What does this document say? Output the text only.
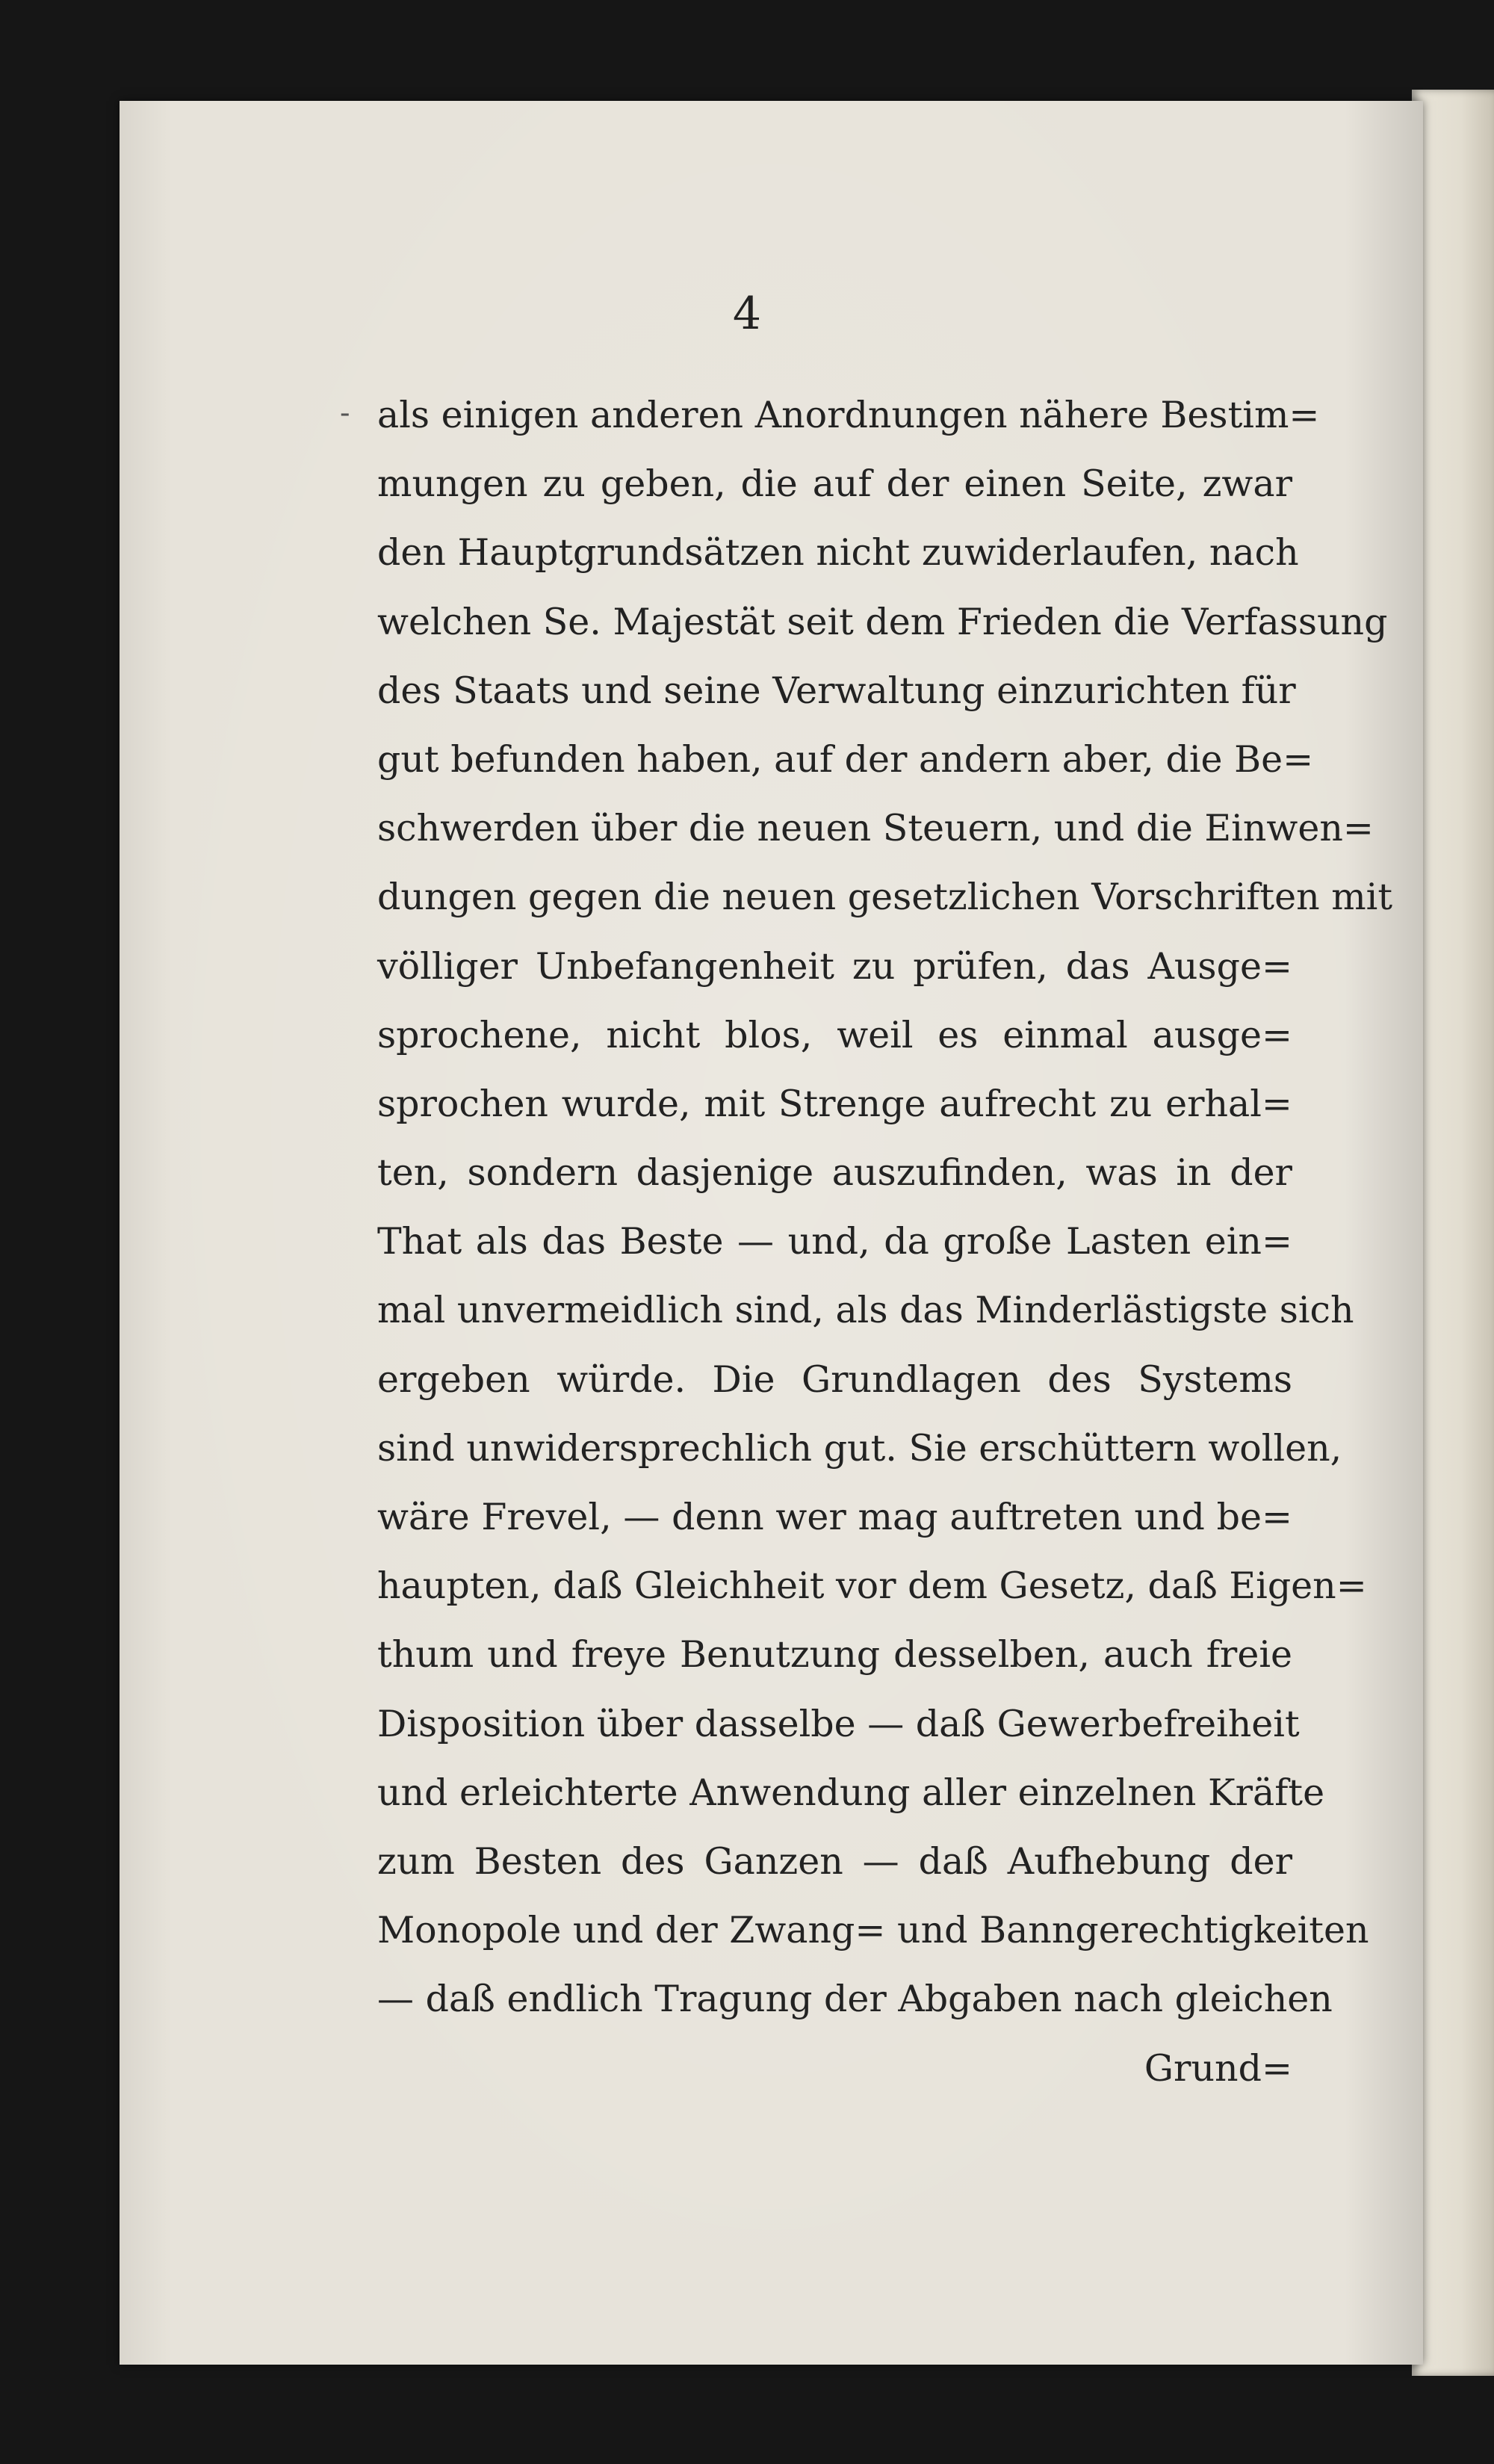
4
- als einigen anderen Anordnungen nähere Bestim=
mungen zu geben, die auf der einen Seite, zwar
den Hauptgrundsätzen nicht zuwiderlaufen, nach
welchen Se. Majestät seit dem Frieden die Verfassung
des Staats und seine Verwaltung einzurichten für
gut befunden haben, auf der andern aber, die Be=
schwerden über die neuen Steuern, und die Einwen=
dungen gegen die neuen gesetzlichen Vorschriften mit
völliger Unbefangenheit zu prüfen, das Ausge=
sprochene, nicht blos, weil es einmal ausge=
sprochen wurde, mit Strenge aufrecht zu erhal=
ten, sondern dasjenige auszufinden, was in der
That als das Beste — und, da große Lasten ein=
mal unvermeidlich sind, als das Minderlästigste sich
ergeben würde. Die Grundlagen des Systems
sind unwidersprechlich gut. Sie erschüttern wollen,
wäre Frevel, — denn wer mag auftreten und be=
haupten, daß Gleichheit vor dem Gesetz, daß Eigen=
thum und freye Benutzung desselben, auch freie
Disposition über dasselbe — daß Gewerbefreiheit
und erleichterte Anwendung aller einzelnen Kräfte
zum Besten des Ganzen — daß Aufhebung der
Monopole und der Zwang= und Banngerechtigkeiten
— daß endlich Tragung der Abgaben nach gleichen
Grund=
